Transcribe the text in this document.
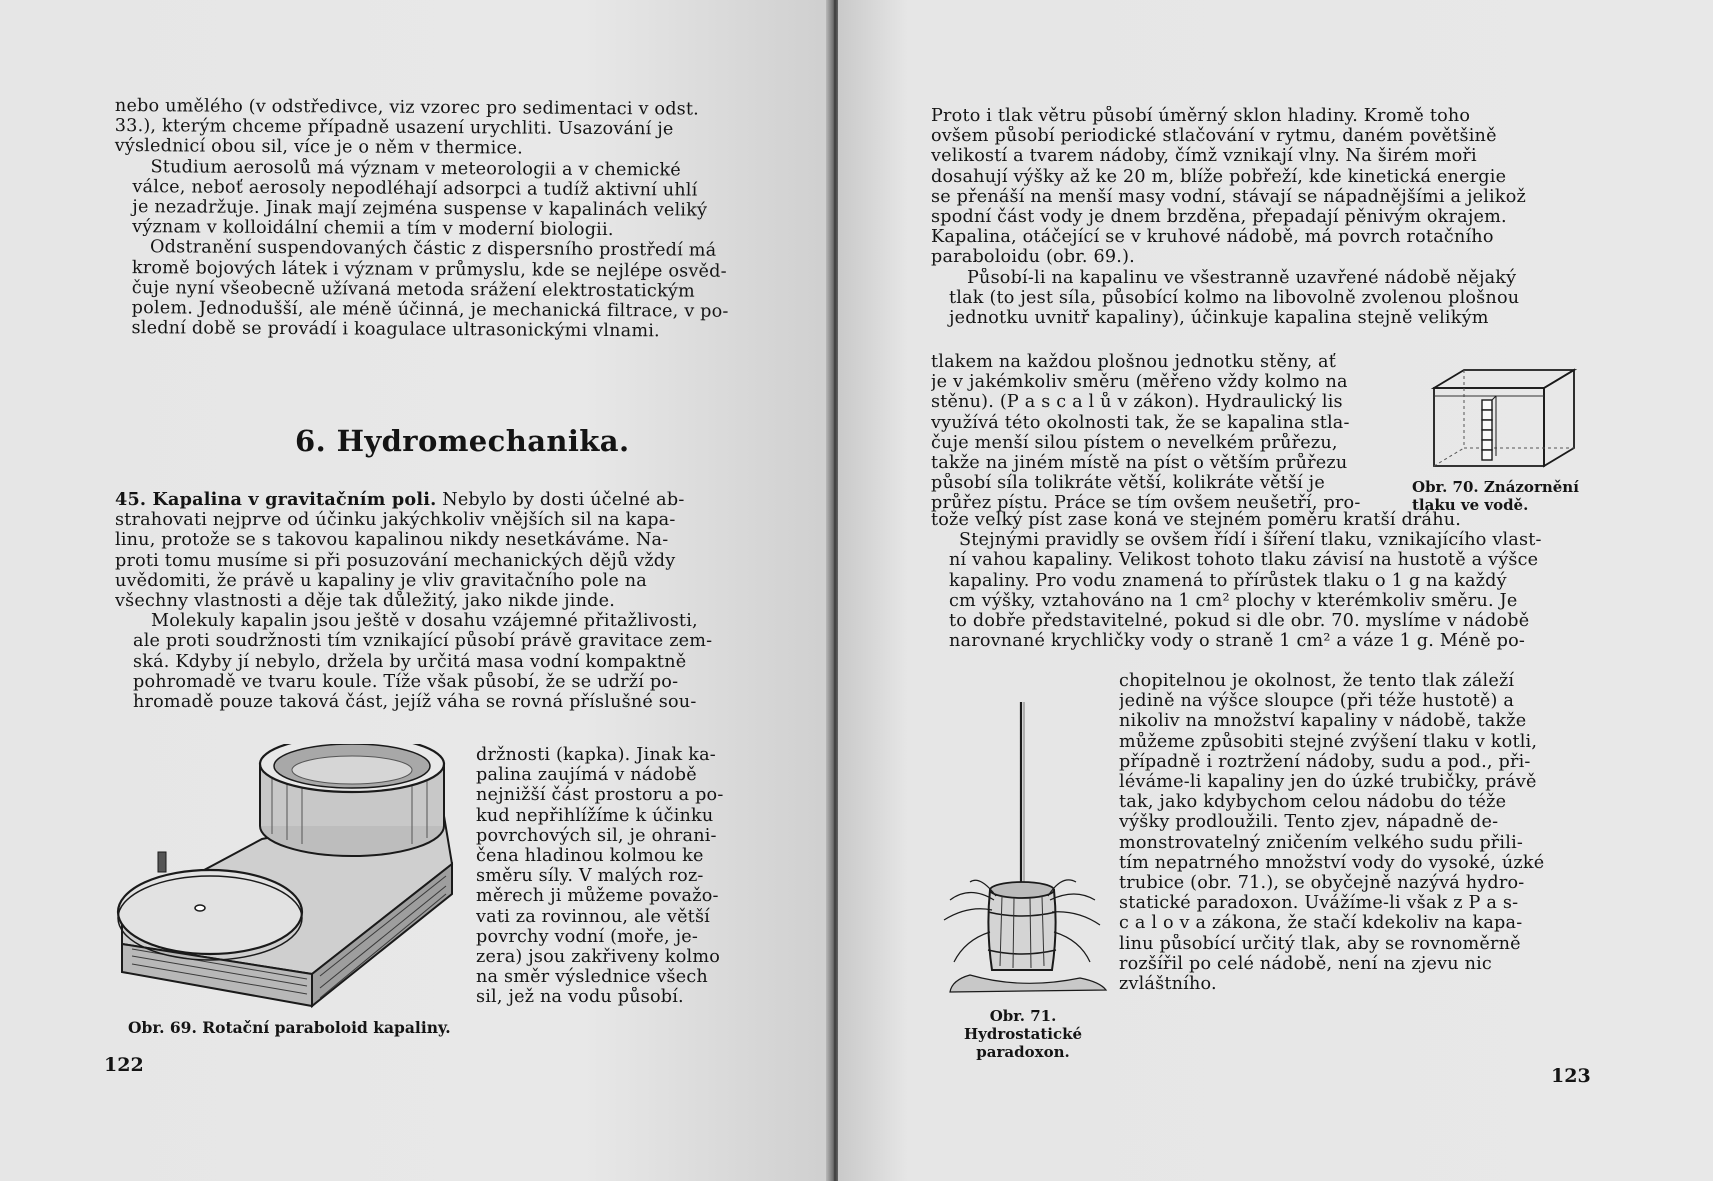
nebo umělého (v odstředivce, viz vzorec pro sedimentaci v odst.
33.), kterým chceme případně usazení urychliti. Usazování je
výslednicí obou sil, více je o něm v thermice.

Studium aerosolů má význam v meteorologii a v chemické
válce, neboť aerosoly nepodléhají adsorpci a tudíž aktivní uhlí
je nezadržuje. Jinak mají zejména suspense v kapalinách veliký
význam v kolloidální chemii a tím v moderní biologii.

Odstranění suspendovaných částic z dispersního prostředí má
kromě bojových látek i význam v průmyslu, kde se nejlépe osvěd-
čuje nyní všeobecně užívaná metoda srážení elektrostatickým
polem. Jednodušší, ale méně účinná, je mechanická filtrace, v po-
slední době se provádí i koagulace ultrasonickými vlnami.

6. Hydromechanika.

45. Kapalina v gravitačním poli. Nebylo by dosti účelné ab-
strahovati nejprve od účinku jakýchkoliv vnějších sil na kapa-
linu, protože se s takovou kapalinou nikdy nesetkáváme. Na-
proti tomu musíme si při posuzování mechanických dějů vždy
uvědomiti, že právě u kapaliny je vliv gravitačního pole na
všechny vlastnosti a děje tak důležitý, jako nikde jinde.

Molekuly kapalin jsou ještě v dosahu vzájemné přitažlivosti,
ale proti soudržnosti tím vznikající působí právě gravitace zem-
ská. Kdyby jí nebylo, držela by určitá masa vodní kompaktně
pohromadě ve tvaru koule. Tíže však působí, že se udrží po-
hromadě pouze taková část, jejíž váha se rovná příslušné sou-

držnosti (kapka). Jinak ka-
palina zaujímá v nádobě
nejnižší část prostoru a po-
kud nepřihlížíme k účinku
povrchových sil, je ohrani-
čena hladinou kolmou ke
směru síly. V malých roz-
měrech ji můžeme považo-
vati za rovinnou, ale větší
povrchy vodní (moře, je-
zera) jsou zakřiveny kolmo
na směr výslednice všech
sil, jež na vodu působí.
Obr. 69. Rotační paraboloid kapaliny.
122

Proto i tlak větru působí úměrný sklon hladiny. Kromě toho
ovšem působí periodické stlačování v rytmu, daném povětšině
velikostí a tvarem nádoby, čímž vznikají vlny. Na širém moři
dosahují výšky až ke 20 m, blíže pobřeží, kde kinetická energie
se přenáší na menší masy vodní, stávají se nápadnějšími a jelikož
spodní část vody je dnem brzděna, přepadají pěnivým okrajem.
Kapalina, otáčející se v kruhové nádobě, má povrch rotačního
paraboloidu (obr. 69.).

Působí-li na kapalinu ve všestranně uzavřené nádobě nějaký
tlak (to jest síla, působící kolmo na libovolně zvolenou plošnou
jednotku uvnitř kapaliny), účinkuje kapalina stejně velikým

tlakem na každou plošnou jednotku stěny, ať
je v jakémkoliv směru (měřeno vždy kolmo na
stěnu). (P a s c a l ů v zákon). Hydraulický lis
využívá této okolnosti tak, že se kapalina stla-
čuje menší silou pístem o nevelkém průřezu,
takže na jiném místě na píst o větším průřezu
působí síla tolikráte větší, kolikráte větší je
průřez pístu. Práce se tím ovšem neušetří, pro-
Obr. 70. Znázornění tlaku ve vodě.

tože velký píst zase koná ve stejném poměru kratší dráhu.

Stejnými pravidly se ovšem řídí i šíření tlaku, vznikajícího vlast-
ní vahou kapaliny. Velikost tohoto tlaku závisí na hustotě a výšce
kapaliny. Pro vodu znamená to přírůstek tlaku o 1 g na každý
cm výšky, vztahováno na 1 cm² plochy v kterémkoliv směru. Je
to dobře představitelné, pokud si dle obr. 70. myslíme v nádobě
narovnané krychličky vody o straně 1 cm² a váze 1 g. Méně po-

chopitelnou je okolnost, že tento tlak záleží
jedině na výšce sloupce (při téže hustotě) a
nikoliv na množství kapaliny v nádobě, takže
můžeme způsobiti stejné zvýšení tlaku v kotli,
případně i roztržení nádoby, sudu a pod., při-
léváme-li kapaliny jen do úzké trubičky, právě
tak, jako kdybychom celou nádobu do téže
výšky prodloužili. Tento zjev, nápadně de-
monstrovatelný zničením velkého sudu přili-
tím nepatrného množství vody do vysoké, úzké
trubice (obr. 71.), se obyčejně nazývá hydro-
statické paradoxon. Uvážíme-li však z P a s-
c a l o v a zákona, že stačí kdekoliv na kapa-
linu působící určitý tlak, aby se rovnoměrně
rozšířil po celé nádobě, není na zjevu nic
zvláštního.
Obr. 71. Hydrostatické paradoxon.
123
